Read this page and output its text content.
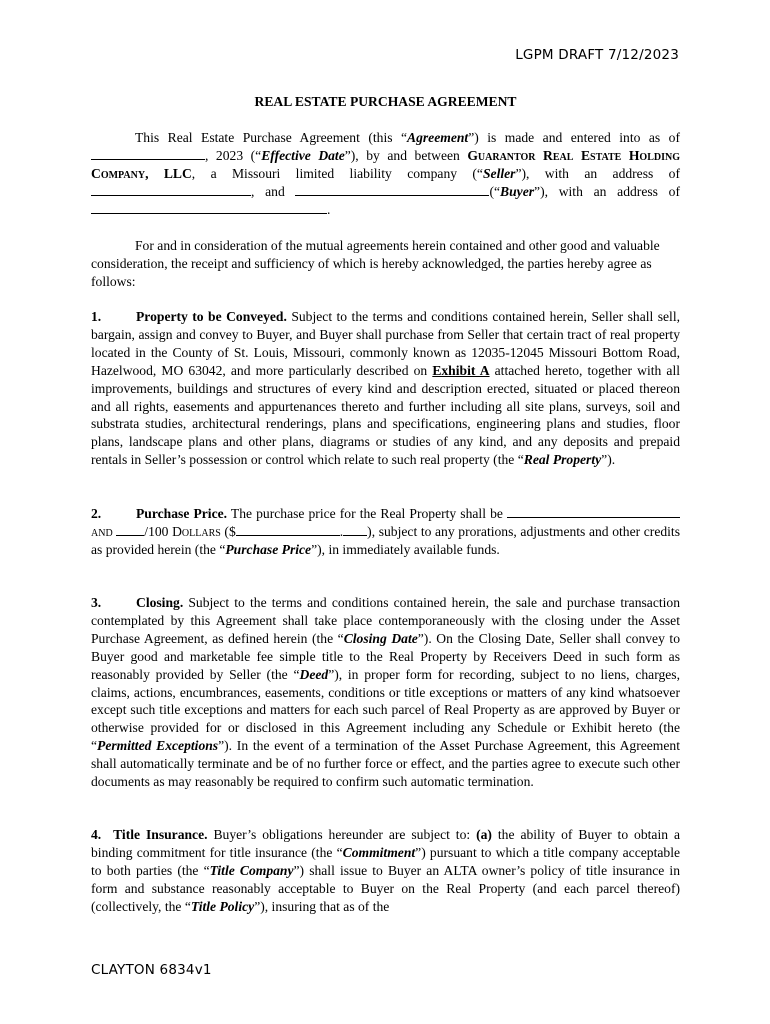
LGPM DRAFT 7/12/2023
REAL ESTATE PURCHASE AGREEMENT

This Real Estate Purchase Agreement (this “Agreement”) is made and entered into as of , 2023 (“Effective Date”), by and between Guarantor Real Estate Holding Company, LLC, a Missouri limited liability company (“Seller”), with an address of , and	(“Buyer”), with an address of .

For and in consideration of the mutual agreements herein contained and other good and valuable consideration, the receipt and sufficiency of which is hereby acknowledged, the parties hereby agree as follows:

1.	Property to be Conveyed. Subject to the terms and conditions contained herein, Seller shall sell, bargain, assign and convey to Buyer, and Buyer shall purchase from Seller that certain tract of real property located in the County of St. Louis, Missouri, commonly known as 12035-12045 Missouri Bottom Road, Hazelwood, MO 63042, and more particularly described on Exhibit A attached hereto, together with all improvements, buildings and structures of every kind and description erected, situated or placed thereon and all rights, easements and appurtenances thereto and further including all site plans, surveys, soil and substrata studies, architectural renderings, plans and specifications, engineering plans and studies, floor plans, landscape plans and other plans, diagrams or studies of any kind, and any deposits and prepaid rentals in Seller’s possession or control which relate to such real property (the “Real Property”).

2.	Purchase Price. The purchase price for the Real Property shall be  and /100 Dollars ($	. ), subject to any prorations, adjustments and other credits as provided herein (the “Purchase Price”), in immediately available funds.

3.	Closing. Subject to the terms and conditions contained herein, the sale and purchase transaction contemplated by this Agreement shall take place contemporaneously with the closing under the Asset Purchase Agreement, as defined herein (the “Closing Date”). On the Closing Date, Seller shall convey to Buyer good and marketable fee simple title to the Real Property by Receivers Deed in such form as reasonably provided by Seller (the “Deed”), in proper form for recording, subject to no liens, charges, claims, actions, encumbrances, easements, conditions or title exceptions or matters of any kind whatsoever except such title exceptions and matters for each such parcel of Real Property as are approved by Buyer or otherwise provided for or disclosed in this Agreement including any Schedule or Exhibit hereto (the “Permitted Exceptions”). In the event of a termination of the Asset Purchase Agreement, this Agreement shall automatically terminate and be of no further force or effect, and the parties agree to execute such other documents as may reasonably be required to confirm such automatic termination.

4. Title Insurance. Buyer’s obligations hereunder are subject to: (a) the ability of Buyer to obtain a binding commitment for title insurance (the “Commitment”) pursuant to which a title company acceptable to both parties (the “Title Company”) shall issue to Buyer an ALTA owner’s policy of title insurance in form and substance reasonably acceptable to Buyer on the Real Property (and each parcel thereof) (collectively, the “Title Policy”), insuring that as of the

CLAYTON 6834v1
